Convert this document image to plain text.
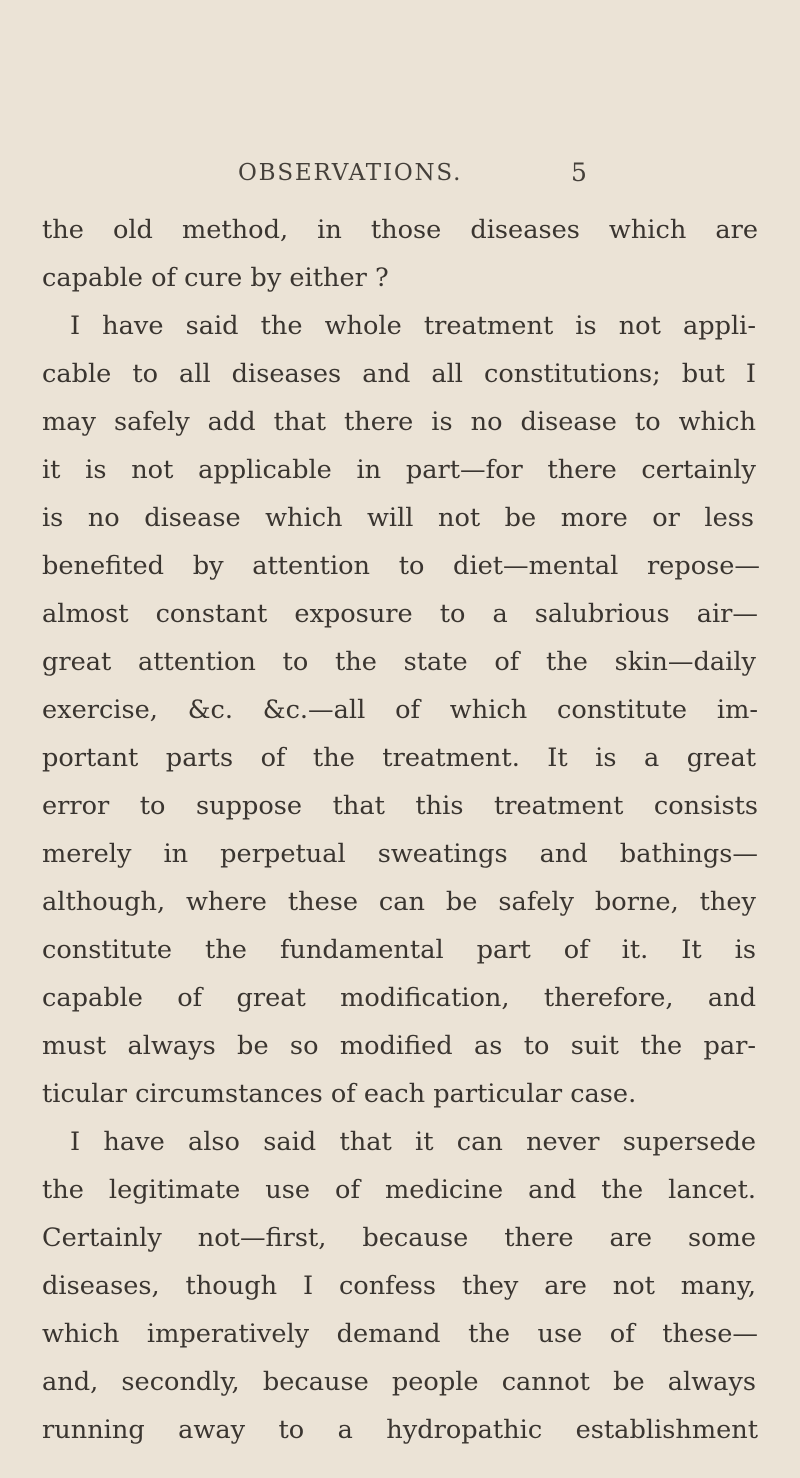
OBSERVATIONS.	5
the old method, in those diseases which are
capable of cure by either ?
I have said the whole treatment is not appli-
cable to all diseases and all constitutions; but I
may safely add that there is no disease to which
it is not applicable in part—for there certainly
is no disease which will not be more or less
benefited by attention to diet—mental repose—
almost constant exposure to a salubrious air—
great attention to the state of the skin—daily
exercise, &c. &c.—all of which constitute im-
portant parts of the treatment. It is a great
error to suppose that this treatment consists
merely in perpetual sweatings and bathings—
although, where these can be safely borne, they
constitute the fundamental part of it. It is
capable of great modification, therefore, and
must always be so modified as to suit the par-
ticular circumstances of each particular case.
I have also said that it can never supersede
the legitimate use of medicine and the lancet.
Certainly not—first, because there are some
diseases, though I confess they are not many,
which imperatively demand the use of these—
and, secondly, because people cannot be always
running away to a hydropathic establishment
